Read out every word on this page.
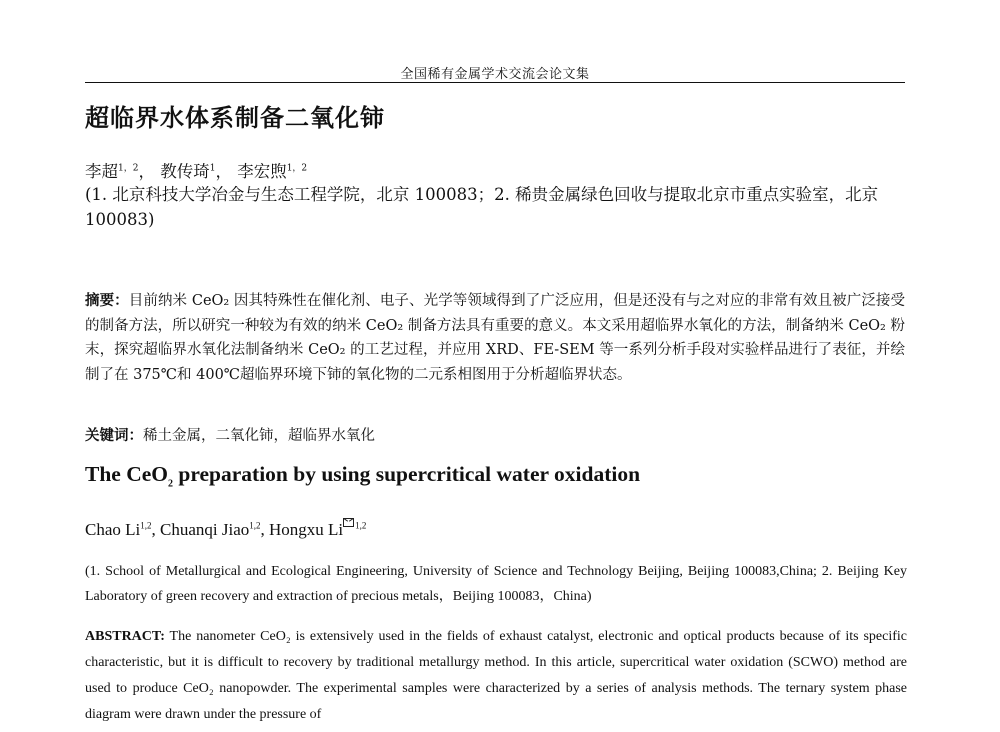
全国稀有金属学术交流会论文集
超临界水体系制备二氧化铈
李超$^{1,2}$， 教传琦$^1$， 李宏煦$^{1,2}$
(1. 北京科技大学冶金与生态工程学院，北京 100083；2. 稀贵金属绿色回收与提取北京市重点实验室，北京 100083)
摘要：目前纳米 CeO₂ 因其特殊性在催化剂、电子、光学等领域得到了广泛应用，但是还没有与之对应的非常有效且被广泛接受的制备方法，所以研究一种较为有效的纳米 CeO₂ 制备方法具有重要的意义。本文采用超临界水氧化的方法，制备纳米 CeO₂ 粉末，探究超临界水氧化法制备纳米 CeO₂ 的工艺过程，并应用 XRD、FE-SEM 等一系列分析手段对实验样品进行了表征，并绘制了在 375℃和 400℃超临界环境下铈的氧化物的二元系相图用于分析超临界状态。
关键词：稀土金属，二氧化铈，超临界水氧化
The CeO$_2$ preparation by using supercritical water oxidation
Chao Li$^{1,2}$, Chuanqi Jiao$^{1,2}$, Hongxu Li $^{1,2}$
(1. School of Metallurgical and Ecological Engineering, University of Science and Technology Beijing, Beijing 100083,China; 2. Beijing Key Laboratory of green recovery and extraction of precious metals，Beijing 100083，China)
ABSTRACT: The nanometer CeO₂ is extensively used in the fields of exhaust catalyst, electronic and optical products because of its specific characteristic, but it is difficult to recovery by traditional metallurgy method. In this article, supercritical water oxidation (SCWO) method are used to produce CeO₂ nanopowder. The experimental samples were characterized by a series of analysis methods. The ternary system phase diagram were drawn under the pressure of
